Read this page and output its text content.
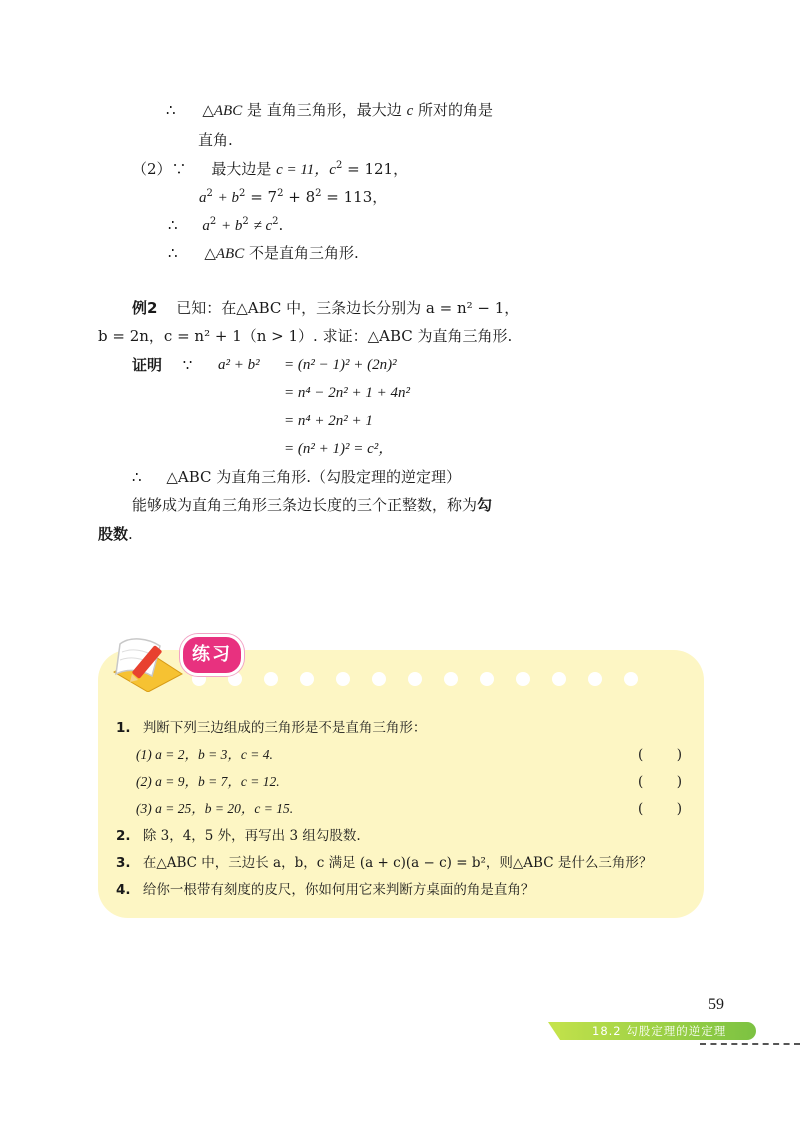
∴ △ABC 是 直角三角形，最大边 c 所对的角是
直角.
（2）∵ 最大边是 c = 11，$c^2 = 121$，
$a^2 + b^2 = 7^2 + 8^2 = 113$，
∴ $a^2 + b^2 \ne c^2$.
∴ △ABC 不是直角三角形.
例2 已知：在△ABC 中，三条边长分别为 a = n² − 1，
b = 2n，c = n² + 1（n > 1）. 求证：△ABC 为直角三角形.
证明 ∵ a² + b² = (n² − 1)² + (2n)²
= n⁴ − 2n² + 1 + 4n²
= n⁴ + 2n² + 1
= (n² + 1)² = c²，
∴ △ABC 为直角三角形.（勾股定理的逆定理）
能够成为直角三角形三条边长度的三个正整数，称为勾
股数.
1. 判断下列三边组成的三角形是不是直角三角形：
(1) a = 2，b = 3，c = 4.	( )
(2) a = 9，b = 7，c = 12.	( )
(3) a = 25，b = 20，c = 15.	( )
2. 除 3，4，5 外，再写出 3 组勾股数.
3. 在△ABC 中，三边长 a，b，c 满足 (a + c)(a − c) = b²，则△ABC 是什么三角形？
4. 给你一根带有刻度的皮尺，你如何用它来判断方桌面的角是直角？
练习
59
18.2 勾股定理的逆定理
